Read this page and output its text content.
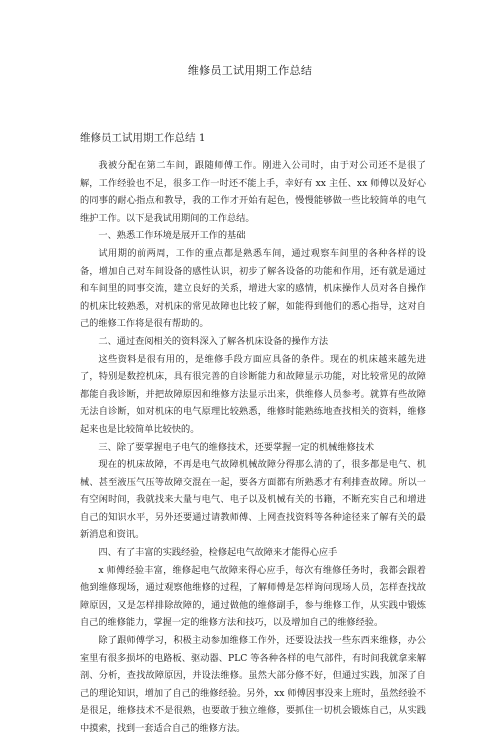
维修员工试用期工作总结
维修员工试用期工作总结 1

我被分配在第二车间，跟随师傅工作。刚进入公司时，由于对公司还不是很了解，工作经验也不足，很多工作一时还不能上手，幸好有 xx 主任、xx 师傅以及好心的同事的耐心指点和教导，我的工作才开始有起色，慢慢能够做一些比较简单的电气维护工作。以下是我试用期间的工作总结。

一、熟悉工作环境是展开工作的基础

试用期的前两周，工作的重点都是熟悉车间，通过观察车间里的各种各样的设备，增加自己对车间设备的感性认识，初步了解各设备的功能和作用，还有就是通过和车间里的同事交流，建立良好的关系，增进大家的感情，机床操作人员对各自操作的机床比较熟悉，对机床的常见故障也比较了解，如能得到他们的悉心指导，这对自己的维修工作将是很有帮助的。

二、通过查阅相关的资料深入了解各机床设备的操作方法

这些资料是很有用的，是维修手段方面应具备的条件。现在的机床越来越先进了，特别是数控机床，具有很完善的自诊断能力和故障显示功能，对比较常见的故障都能自我诊断，并把故障原因和维修方法显示出来，供维修人员参考。就算有些故障无法自诊断，如对机床的电气原理比较熟悉，维修时能熟练地查找相关的资料，维修起来也是比较简单比较快的。

三、除了要掌握电子电气的维修技术，还要掌握一定的机械维修技术

现在的机床故障，不再是电气故障机械故障分得那么清的了，很多都是电气、机械、甚至液压气压等故障交混在一起，要各方面都有所熟悉才有利排查故障。所以一有空闲时间，我就找来大量与电气、电子以及机械有关的书籍，不断充实自己和增进自己的知识水平，另外还要通过请教师傅、上网查找资料等各种途径来了解有关的最新消息和资讯。

四、有了丰富的实践经验，检修起电气故障来才能得心应手

x 师傅经验丰富，维修起电气故障来得心应手，每次有维修任务时，我都会跟着他到维修现场，通过观察他维修的过程，了解师傅是怎样询问现场人员，怎样查找故障原因，又是怎样排除故障的，通过做他的维修副手，参与维修工作，从实践中锻炼自己的维修能力，掌握一定的维修方法和技巧，以及增加自己的维修经验。

除了跟师傅学习，积极主动参加维修工作外，还要设法找一些东西来维修，办公室里有很多损坏的电路板、驱动器、PLC 等各种各样的电气部件，有时间我就拿来解剖、分析，查找故障原因，并设法维修。虽然大部分修不好，但通过实践，加深了自己的理论知识，增加了自己的维修经验。另外，xx 师傅因事没来上班时，虽然经验不是很足，维修技术不是很熟，也要敢于独立维修，要抓住一切机会锻炼自己，从实践中摸索，找到一套适合自己的维修方法。
